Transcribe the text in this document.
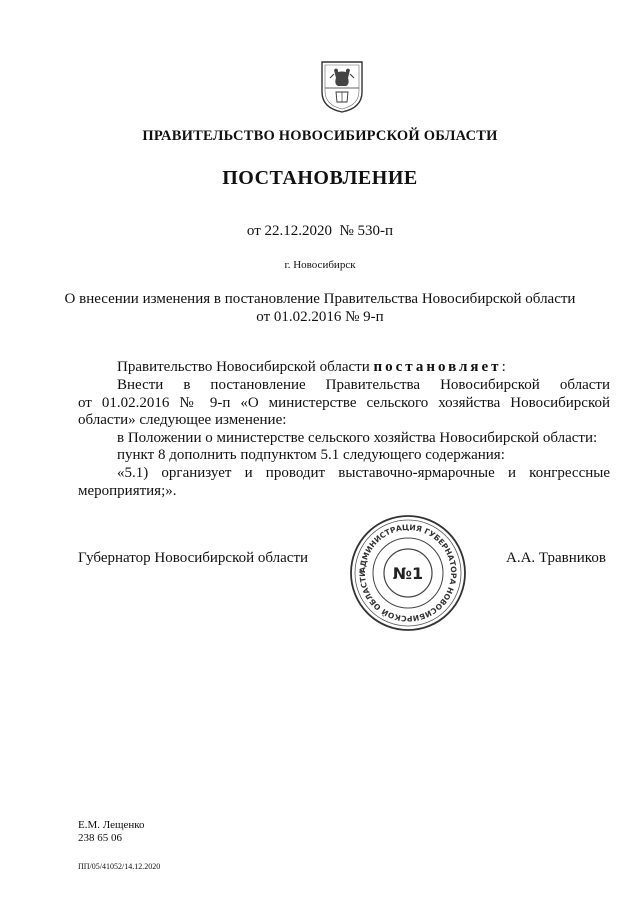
ПРАВИТЕЛЬСТВО НОВОСИБИРСКОЙ ОБЛАСТИ
ПОСТАНОВЛЕНИЕ
от 22.12.2020  № 530-п
г. Новосибирск
О внесении изменения в постановление Правительства Новосибирской области
от 01.02.2016 № 9-п
Правительство Новосибирской области постановляет:
Внести в постановление Правительства Новосибирской области
от 01.02.2016 № 9-п «О министерстве сельского хозяйства Новосибирской
области» следующее изменение:
в Положении о министерстве сельского хозяйства Новосибирской области:
пункт 8 дополнить подпунктом 5.1 следующего содержания:
«5.1) организует и проводит выставочно-ярмарочные и конгрессные
мероприятия;».
Губернатор Новосибирской области	А.А. Травников
АДМИНИСТРАЦИЯ ГУБЕРНАТОРА НОВОСИБИРСКОЙ ОБЛАСТИ	№1
Е.М. Лещенко
238 65 06
ПП/05/41052/14.12.2020
